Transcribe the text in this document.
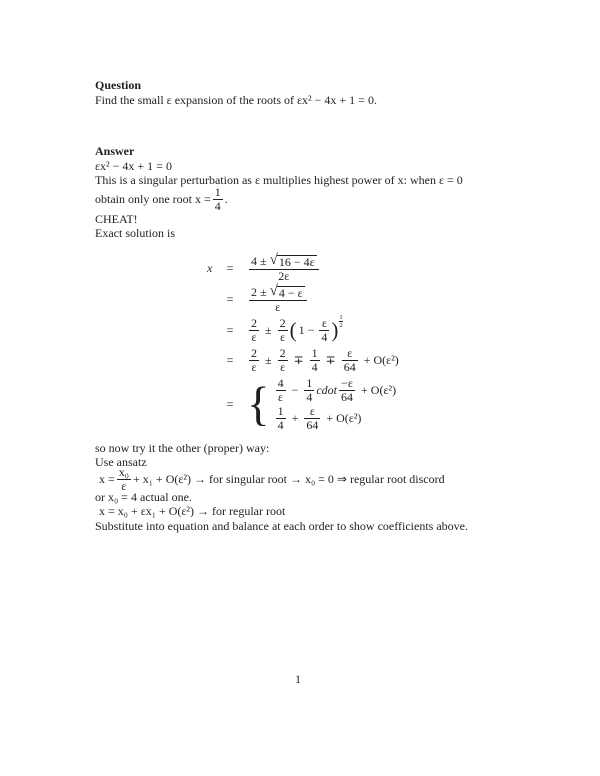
Question
Find the small ε expansion of the roots of εx² − 4x + 1 = 0.
Answer
εx² − 4x + 1 = 0
This is a singular perturbation as ε multiplies highest power of x: when ε = 0
obtain only one root $x = \frac{1}{4}$ .
CHEAT!
Exact solution is
x	=	$\frac{4 \pm √ 16 - 4\varepsilon}{2\varepsilon}$
=	$\frac{2 \pm √ 4 - \varepsilon}{\varepsilon}$
=	$\frac{2}{\varepsilon} \pm \frac{2}{\varepsilon}$ ( $1 - \frac{\varepsilon}{4}$ ) $\frac{1}{2}$
=	$\frac{2}{\varepsilon} \pm \frac{2}{\varepsilon} \mp \frac{1}{4} \mp \frac{\varepsilon}{64} + O(\varepsilon^2)$
= { $\frac{4}{\varepsilon} - \frac{1}{4}$ cdot $\frac{-\varepsilon}{64} + O(\varepsilon^2)$
$\frac{1}{4} + \frac{\varepsilon}{64} + O(\varepsilon^2)$
so now try it the other (proper) way:
Use ansatz
$x = \frac{\text{x₀}}{\varepsilon} + x_1 + O(\varepsilon^2)$ → for singular root → x₀ = 0 ⇒ regular root discord
or x₀ = 4 actual one.
x = x₀ + εx₁ + O(ε²) → for regular root
Substitute into equation and balance at each order to show coefficients above.
1
